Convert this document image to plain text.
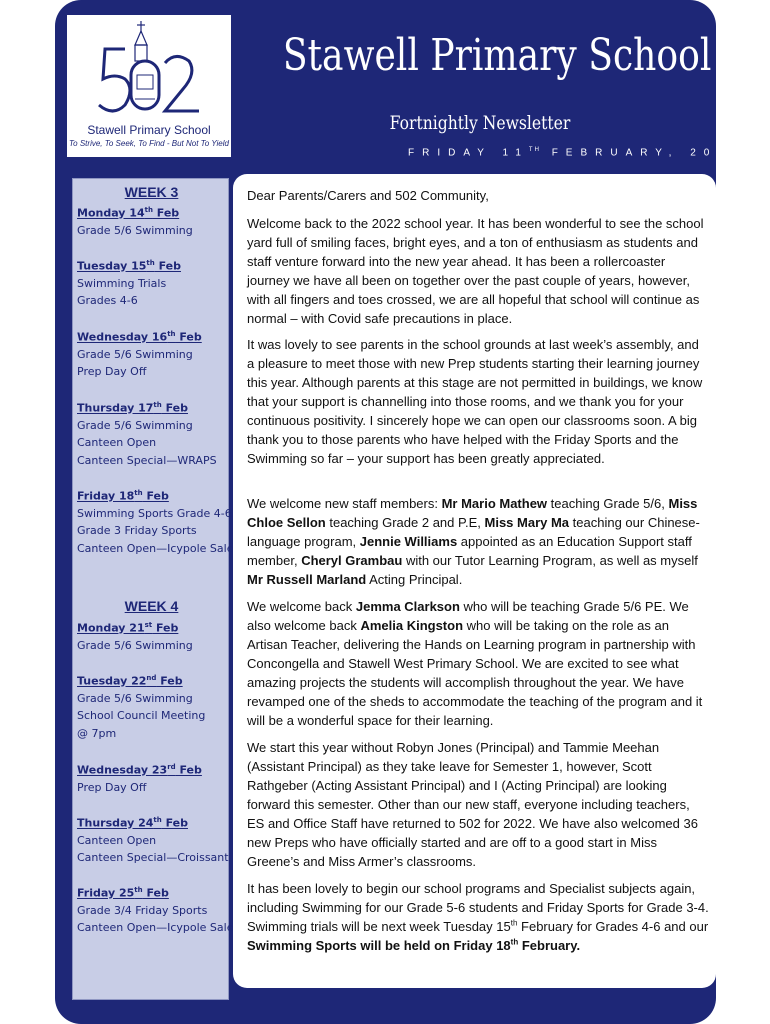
Stawell Primary School
To Strive, To Seek, To Find - But Not To Yield
Stawell Primary School
Fortnightly Newsletter
FRIDAY 11TH FEBRUARY, 2022
WEEK 3
Monday 14th Feb
Grade 5/6 Swimming
Tuesday 15th Feb
Swimming Trials
Grades 4-6
Wednesday 16th Feb
Grade 5/6 Swimming
Prep Day Off
Thursday 17th Feb
Grade 5/6 Swimming
Canteen Open
Canteen Special—WRAPS
Friday 18th Feb
Swimming Sports Grade 4-6
Grade 3 Friday Sports
Canteen Open—Icypole Sale
WEEK 4
Monday 21st Feb
Grade 5/6 Swimming
Tuesday 22nd Feb
Grade 5/6 Swimming
School Council Meeting
@ 7pm
Wednesday 23rd Feb
Prep Day Off
Thursday 24th Feb
Canteen Open
Canteen Special—Croissant
Friday 25th Feb
Grade 3/4 Friday Sports
Canteen Open—Icypole Sale

Dear Parents/Carers and 502 Community,

Welcome back to the 2022 school year. It has been wonderful to see the school yard full of smiling faces, bright eyes, and a ton of enthusiasm as students and staff venture forward into the new year ahead. It has been a rollercoaster journey we have all been on together over the past couple of years, however, with all fingers and toes crossed, we are all hopeful that school will continue as normal – with Covid safe precautions in place.

It was lovely to see parents in the school grounds at last week’s assembly, and a pleasure to meet those with new Prep students starting their learning journey this year. Although parents at this stage are not permitted in buildings, we know that your support is channelling into those rooms, and we thank you for your continuous positivity. I sincerely hope we can open our classrooms soon. A big thank you to those parents who have helped with the Friday Sports and the Swimming so far – your support has been greatly appreciated.

We welcome new staff members: Mr Mario Mathew teaching Grade 5/6, Miss Chloe Sellon teaching Grade 2 and P.E, Miss Mary Ma teaching our Chinese-language program, Jennie Williams appointed as an Education Support staff member, Cheryl Grambau with our Tutor Learning Program, as well as myself Mr Russell Marland Acting Principal.

We welcome back Jemma Clarkson who will be teaching Grade 5/6 PE. We also welcome back Amelia Kingston who will be taking on the role as an Artisan Teacher, delivering the Hands on Learning program in partnership with Concongella and Stawell West Primary School. We are excited to see what amazing projects the students will accomplish throughout the year. We have revamped one of the sheds to accommodate the teaching of the program and it will be a wonderful space for their learning.

We start this year without Robyn Jones (Principal) and Tammie Meehan (Assistant Principal) as they take leave for Semester 1, however, Scott Rathgeber (Acting Assistant Principal) and I (Acting Principal) are looking forward this semester. Other than our new staff, everyone including teachers, ES and Office Staff have returned to 502 for 2022. We have also welcomed 36 new Preps who have officially started and are off to a good start in Miss Greene’s and Miss Armer’s classrooms.

It has been lovely to begin our school programs and Specialist subjects again, including Swimming for our Grade 5-6 students and Friday Sports for Grade 3-4. Swimming trials will be next week Tuesday 15th February for Grades 4-6 and our Swimming Sports will be held on Friday 18th February.
